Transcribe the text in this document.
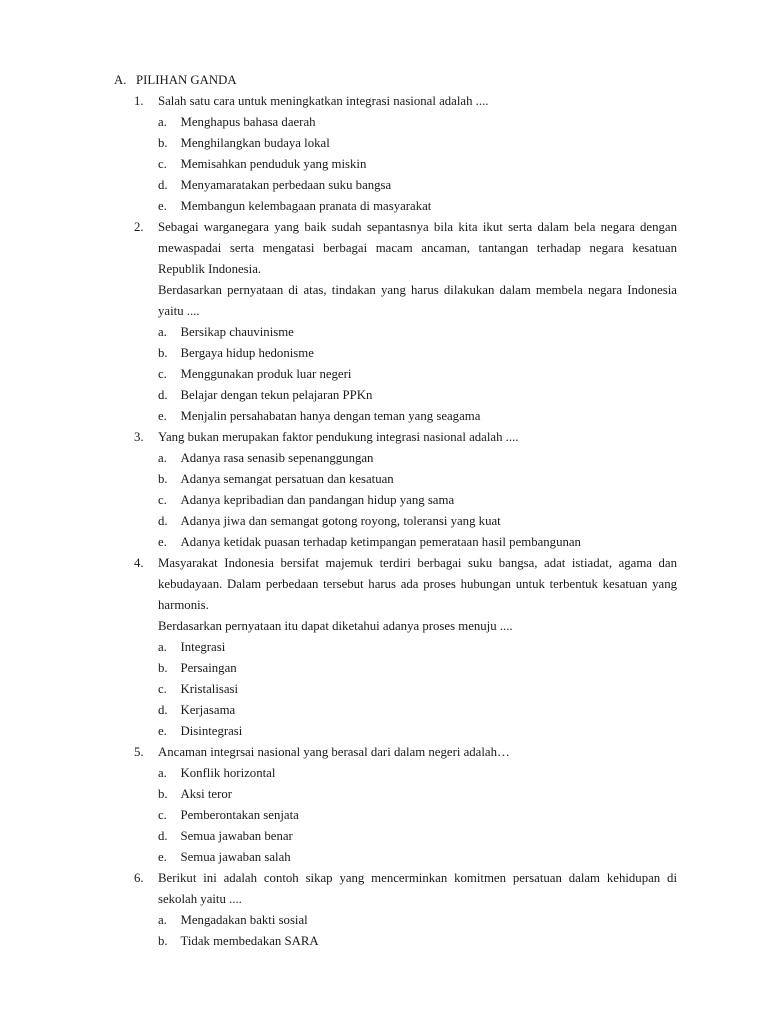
A. PILIHAN GANDA
1.	Salah satu cara untuk meningkatkan integrasi nasional adalah ....

a. Menghapus bahasa daerah
b. Menghilangkan budaya lokal
c. Memisahkan penduduk yang miskin
d. Menyamaratakan perbedaan suku bangsa
e. Membangun kelembagaan pranata di masyarakat
2.	Sebagai warganegara yang baik sudah sepantasnya bila kita ikut serta dalam bela negara dengan mewaspadai serta mengatasi berbagai macam ancaman, tantangan terhadap negara kesatuan Republik Indonesia.

Berdasarkan pernyataan di atas, tindakan yang harus dilakukan dalam membela negara Indonesia yaitu ....

a. Bersikap chauvinisme
b. Bergaya hidup hedonisme
c. Menggunakan produk luar negeri
d. Belajar dengan tekun pelajaran PPKn
e. Menjalin persahabatan hanya dengan teman yang seagama
3.	Yang bukan merupakan faktor pendukung integrasi nasional adalah ....

a. Adanya rasa senasib sepenanggungan
b. Adanya semangat persatuan dan kesatuan
c. Adanya kepribadian dan pandangan hidup yang sama
d. Adanya jiwa dan semangat gotong royong, toleransi yang kuat
e. Adanya ketidak puasan terhadap ketimpangan pemerataan hasil pembangunan
4.	Masyarakat Indonesia bersifat majemuk terdiri berbagai suku bangsa, adat istiadat, agama dan kebudayaan. Dalam perbedaan tersebut harus ada proses hubungan untuk terbentuk kesatuan yang harmonis.

Berdasarkan pernyataan itu dapat diketahui adanya proses menuju ....

a. Integrasi
b. Persaingan
c. Kristalisasi
d. Kerjasama
e. Disintegrasi
5.	Ancaman integrsai nasional yang berasal dari dalam negeri adalah…

a. Konflik horizontal
b. Aksi teror
c. Pemberontakan senjata
d. Semua jawaban benar
e. Semua jawaban salah
6.	Berikut ini adalah contoh sikap yang mencerminkan komitmen persatuan dalam kehidupan di sekolah yaitu ....

a. Mengadakan bakti sosial
b. Tidak membedakan SARA
